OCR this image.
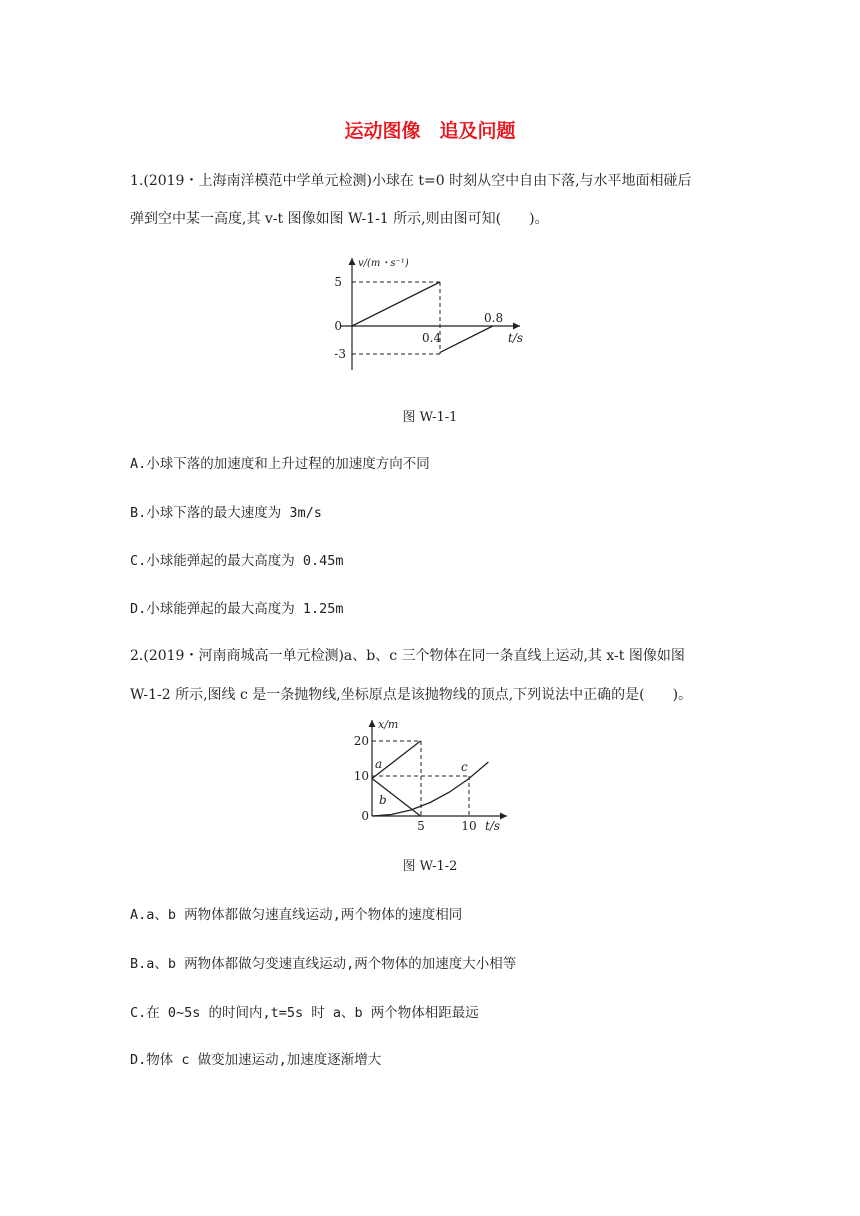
运动图像　追及问题
1.(2019・上海南洋模范中学单元检测)小球在 t=0 时刻从空中自由下落,与水平地面相碰后
弹到空中某一高度,其 v-t 图像如图 W-1-1 所示,则由图可知(　　)。
v/(m・s⁻¹)
5
0
-3
0.4
0.8
t/s
图 W-1-1
A.小球下落的加速度和上升过程的加速度方向不同
B.小球下落的最大速度为 3m/s
C.小球能弹起的最大高度为 0.45m
D.小球能弹起的最大高度为 1.25m
2.(2019・河南商城高一单元检测)a、b、c 三个物体在同一条直线上运动,其 x-t 图像如图
W-1-2 所示,图线 c 是一条抛物线,坐标原点是该抛物线的顶点,下列说法中正确的是(　　)。
x/m
20
10
0
5	10 t/s
a
b
c
图 W-1-2
A.a、b 两物体都做匀速直线运动,两个物体的速度相同
B.a、b 两物体都做匀变速直线运动,两个物体的加速度大小相等
C.在 0~5s 的时间内,t=5s 时 a、b 两个物体相距最远
D.物体 c 做变加速运动,加速度逐渐增大
